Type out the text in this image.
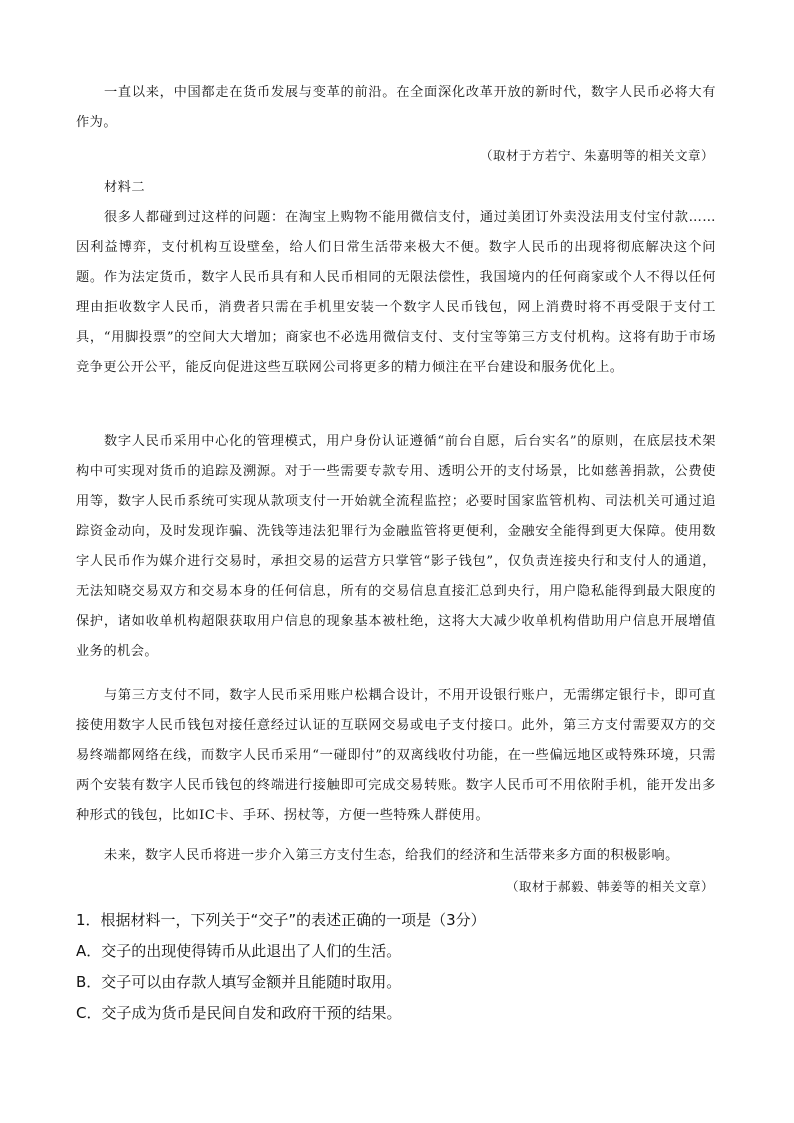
一直以来，中国都走在货币发展与变革的前沿。在全面深化改革开放的新时代，数字人民币必将大有作为。

（取材于方若宁、朱嘉明等的相关文章）
材料二

很多人都碰到过这样的问题：在淘宝上购物不能用微信支付，通过美团订外卖没法用支付宝付款……因利益博弈，支付机构互设壁垒，给人们日常生活带来极大不便。数字人民币的出现将彻底解决这个问题。作为法定货币，数字人民币具有和人民币相同的无限法偿性，我国境内的任何商家或个人不得以任何理由拒收数字人民币，消费者只需在手机里安装一个数字人民币钱包，网上消费时将不再受限于支付工具，“用脚投票”的空间大大增加；商家也不必选用微信支付、支付宝等第三方支付机构。这将有助于市场竞争更公开公平，能反向促进这些互联网公司将更多的精力倾注在平台建设和服务优化上。

数字人民币采用中心化的管理模式，用户身份认证遵循“前台自愿，后台实名”的原则，在底层技术架构中可实现对货币的追踪及溯源。对于一些需要专款专用、透明公开的支付场景，比如慈善捐款，公费使用等，数字人民币系统可实现从款项支付一开始就全流程监控；必要时国家监管机构、司法机关可通过追踪资金动向，及时发现诈骗、洗钱等违法犯罪行为金融监管将更便利，金融安全能得到更大保障。使用数字人民币作为媒介进行交易时，承担交易的运营方只掌管“影子钱包”，仅负责连接央行和支付人的通道，无法知晓交易双方和交易本身的任何信息，所有的交易信息直接汇总到央行，用户隐私能得到最大限度的保护，诸如收单机构超限获取用户信息的现象基本被杜绝，这将大大减少收单机构借助用户信息开展增值业务的机会。

与第三方支付不同，数字人民币采用账户松耦合设计，不用开设银行账户，无需绑定银行卡，即可直接使用数字人民币钱包对接任意经过认证的互联网交易或电子支付接口。此外，第三方支付需要双方的交易终端都网络在线，而数字人民币采用“一碰即付”的双离线收付功能，在一些偏远地区或特殊环境，只需两个安装有数字人民币钱包的终端进行接触即可完成交易转账。数字人民币可不用依附手机，能开发出多种形式的钱包，比如IC卡、手环、拐杖等，方便一些特殊人群使用。

未来，数字人民币将进一步介入第三方支付生态，给我们的经济和生活带来多方面的积极影响。

（取材于郝毅、韩姜等的相关文章）
1．根据材料一，下列关于“交子”的表述正确的一项是（3分）
A．交子的出现使得铸币从此退出了人们的生活。
B．交子可以由存款人填写金额并且能随时取用。
C．交子成为货币是民间自发和政府干预的结果。
